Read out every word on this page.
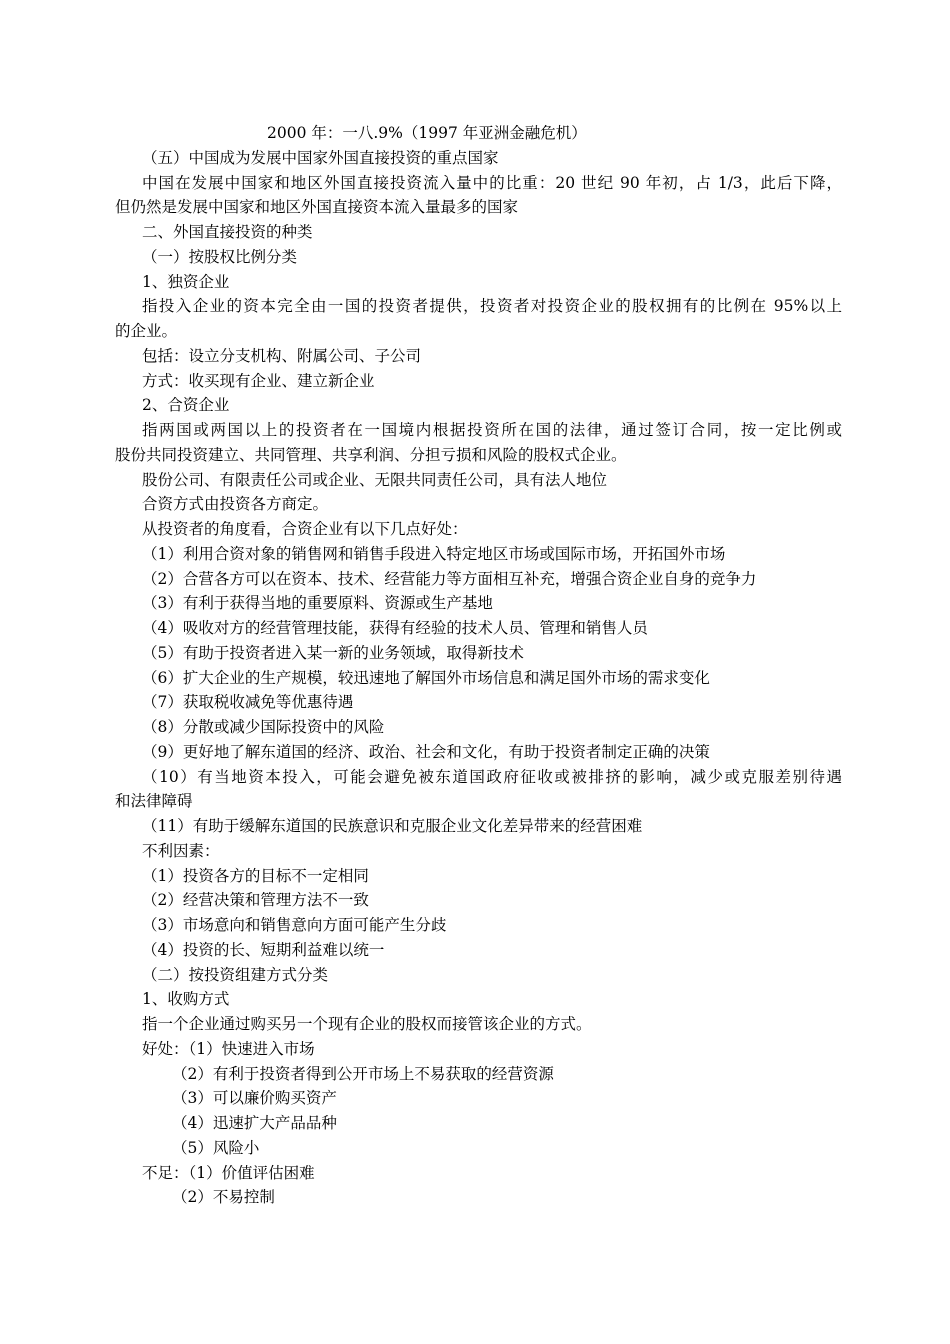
2000 年：一八.9%（1997 年亚洲金融危机）
（五）中国成为发展中国家外国直接投资的重点国家
中国在发展中国家和地区外国直接投资流入量中的比重：20 世纪 90 年初，占 1/3，此后下降，
但仍然是发展中国家和地区外国直接资本流入量最多的国家
二、外国直接投资的种类
（一）按股权比例分类
1、独资企业
指投入企业的资本完全由一国的投资者提供，投资者对投资企业的股权拥有的比例在 95%以上
的企业。
包括：设立分支机构、附属公司、子公司
方式：收买现有企业、建立新企业
2、合资企业
指两国或两国以上的投资者在一国境内根据投资所在国的法律，通过签订合同，按一定比例或
股份共同投资建立、共同管理、共享利润、分担亏损和风险的股权式企业。
股份公司、有限责任公司或企业、无限共同责任公司，具有法人地位
合资方式由投资各方商定。
从投资者的角度看，合资企业有以下几点好处：
（1）利用合资对象的销售网和销售手段进入特定地区市场或国际市场，开拓国外市场
（2）合营各方可以在资本、技术、经营能力等方面相互补充，增强合资企业自身的竞争力
（3）有利于获得当地的重要原料、资源或生产基地
（4）吸收对方的经营管理技能，获得有经验的技术人员、管理和销售人员
（5）有助于投资者进入某一新的业务领域，取得新技术
（6）扩大企业的生产规模，较迅速地了解国外市场信息和满足国外市场的需求变化
（7）获取税收减免等优惠待遇
（8）分散或减少国际投资中的风险
（9）更好地了解东道国的经济、政治、社会和文化，有助于投资者制定正确的决策
（10）有当地资本投入，可能会避免被东道国政府征收或被排挤的影响，减少或克服差别待遇
和法律障碍
（11）有助于缓解东道国的民族意识和克服企业文化差异带来的经营困难
不利因素：
（1）投资各方的目标不一定相同
（2）经营决策和管理方法不一致
（3）市场意向和销售意向方面可能产生分歧
（4）投资的长、短期利益难以统一
（二）按投资组建方式分类
1、收购方式
指一个企业通过购买另一个现有企业的股权而接管该企业的方式。
好处：（1）快速进入市场
（2）有利于投资者得到公开市场上不易获取的经营资源
（3）可以廉价购买资产
（4）迅速扩大产品品种
（5）风险小
不足：（1）价值评估困难
（2）不易控制
